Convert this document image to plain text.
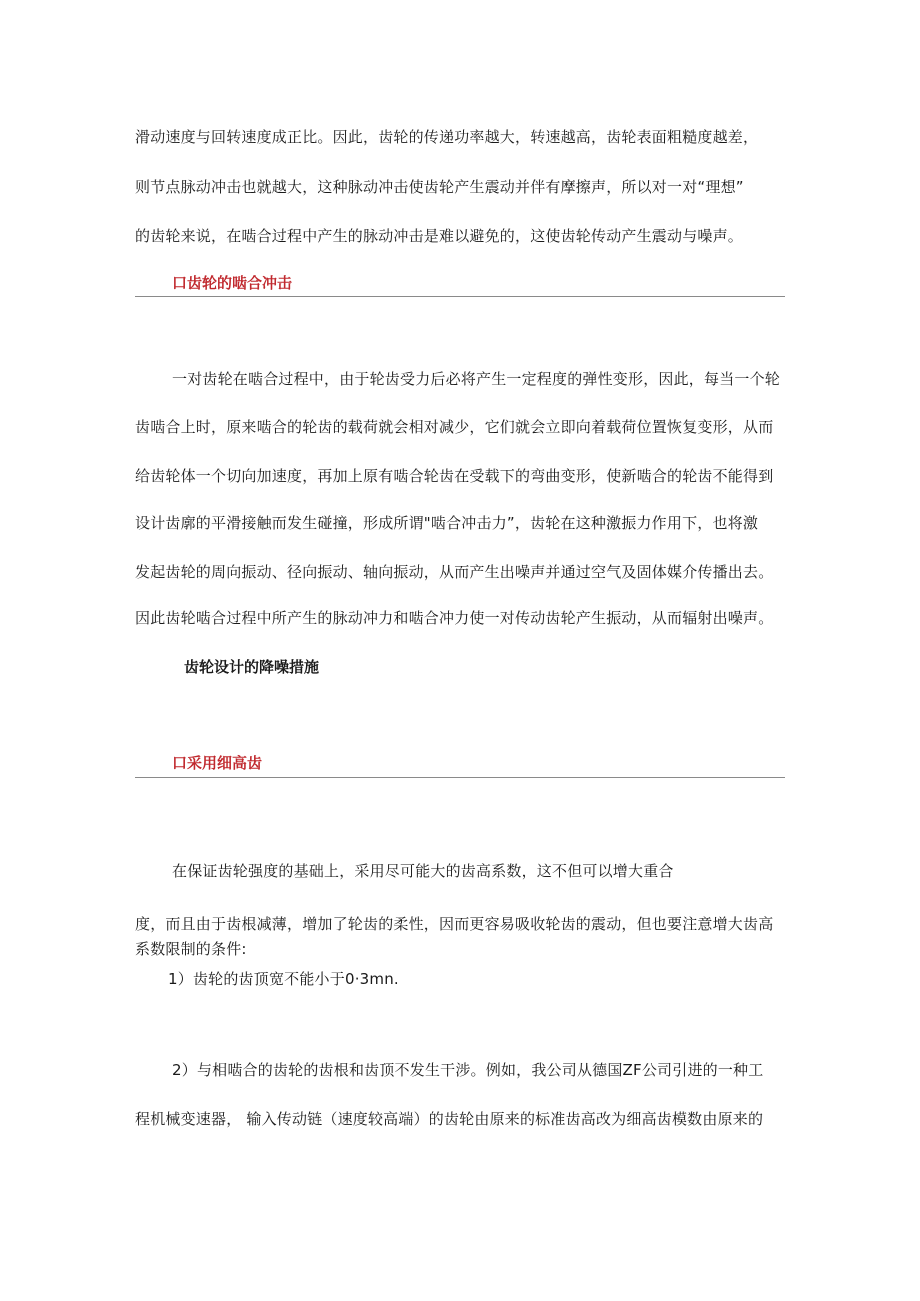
滑动速度与回转速度成正比。因此，齿轮的传递功率越大，转速越高，齿轮表面粗糙度越差，
则节点脉动冲击也就越大，这种脉动冲击使齿轮产生震动并伴有摩擦声，所以对一对“理想”
的齿轮来说，在啮合过程中产生的脉动冲击是难以避免的，这使齿轮传动产生震动与噪声。
口齿轮的啮合冲击
一对齿轮在啮合过程中，由于轮齿受力后必将产生一定程度的弹性变形，因此，每当一个轮
齿啮合上时，原来啮合的轮齿的载荷就会相对减少，它们就会立即向着载荷位置恢复变形，从而
给齿轮体一个切向加速度，再加上原有啮合轮齿在受载下的弯曲变形，使新啮合的轮齿不能得到
设计齿廓的平滑接触而发生碰撞，形成所谓"啮合冲击力”，齿轮在这种激振力作用下，也将激
发起齿轮的周向振动、径向振动、轴向振动，从而产生出噪声并通过空气及固体媒介传播出去。
因此齿轮啮合过程中所产生的脉动冲力和啮合冲力使一对传动齿轮产生振动，从而辐射出噪声。
齿轮设计的降噪措施
口采用细高齿
在保证齿轮强度的基础上，采用尽可能大的齿高系数，这不但可以增大重合
度，而且由于齿根减薄，增加了轮齿的柔性，因而更容易吸收轮齿的震动，但也要注意增大齿高
系数限制的条件:
1）齿轮的齿顶宽不能小于0·3mn.
2）与相啮合的齿轮的齿根和齿顶不发生干涉。例如，我公司从德国ZF公司引进的一种工
程机械变速器， 输入传动链（速度较高端）的齿轮由原来的标准齿高改为细高齿模数由原来的
